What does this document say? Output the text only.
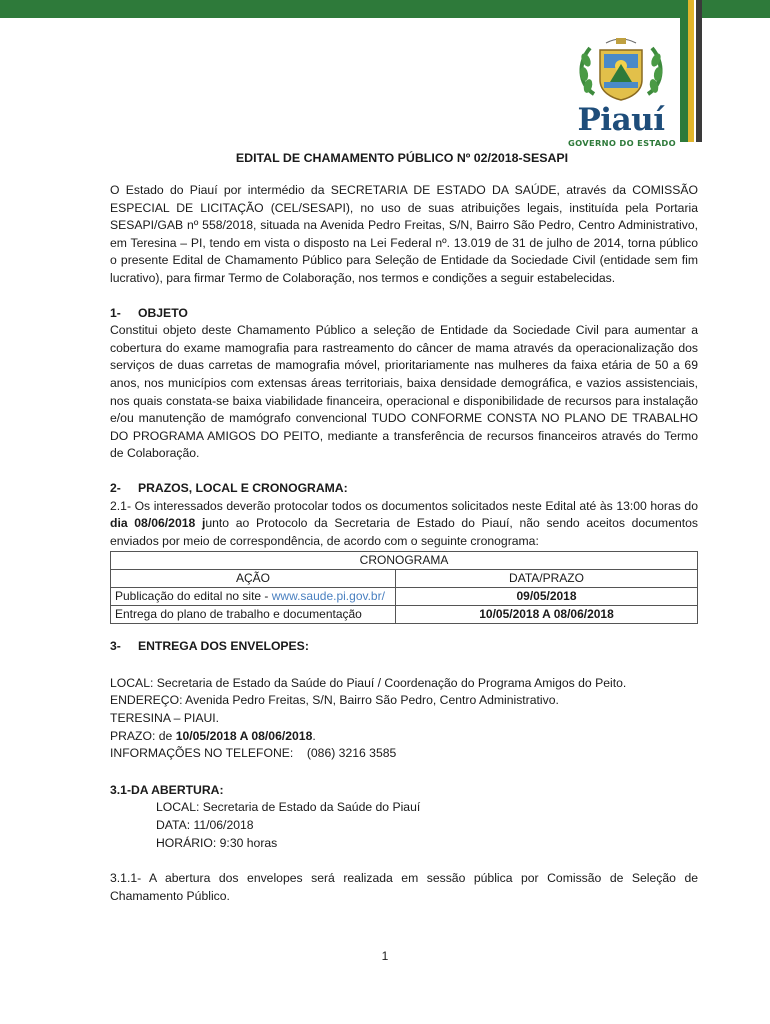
Piauí
GOVERNO DO ESTADO
EDITAL DE CHAMAMENTO PÚBLICO Nº 02/2018-SESAPI

O Estado do Piauí por intermédio da SECRETARIA DE ESTADO DA SAÚDE, através da COMISSÃO ESPECIAL DE LICITAÇÃO (CEL/SESAPI), no uso de suas atribuições legais, instituída pela Portaria SESAPI/GAB nº 558/2018, situada na Avenida Pedro Freitas, S/N, Bairro São Pedro, Centro Administrativo, em Teresina – PI, tendo em vista o disposto na Lei Federal nº. 13.019 de 31 de julho de 2014, torna público o presente Edital de Chamamento Público para Seleção de Entidade da Sociedade Civil (entidade sem fim lucrativo), para firmar Termo de Colaboração, nos termos e condições a seguir estabelecidas.

1- OBJETO

Constitui objeto deste Chamamento Público a seleção de Entidade da Sociedade Civil para aumentar a cobertura do exame mamografia para rastreamento do câncer de mama através da operacionalização dos serviços de duas carretas de mamografia móvel, prioritariamente nas mulheres da faixa etária de 50 a 69 anos, nos municípios com extensas áreas territoriais, baixa densidade demográfica, e vazios assistenciais, nos quais constata-se baixa viabilidade financeira, operacional e disponibilidade de recursos para instalação e/ou manutenção de mamógrafo convencional TUDO CONFORME CONSTA NO PLANO DE TRABALHO DO PROGRAMA AMIGOS DO PEITO, mediante a transferência de recursos financeiros através do Termo de Colaboração.

2- PRAZOS, LOCAL E CRONOGRAMA:

2.1- Os interessados deverão protocolar todos os documentos solicitados neste Edital até às 13:00 horas do dia 08/06/2018 junto ao Protocolo da Secretaria de Estado do Piauí, não sendo aceitos documentos enviados por meio de correspondência, de acordo com o seguinte cronograma:

CRONOGRAMA	
AÇÃO	DATA/PRAZO
Publicação do edital no site - www.saude.pi.gov.br/	09/05/2018
Entrega do plano de trabalho e documentação	10/05/2018 A 08/06/2018
3- ENTREGA DOS ENVELOPES:

LOCAL: Secretaria de Estado da Saúde do Piauí / Coordenação do Programa Amigos do Peito.

ENDEREÇO: Avenida Pedro Freitas, S/N, Bairro São Pedro, Centro Administrativo.

TERESINA – PIAUI.

PRAZO: de 10/05/2018 A 08/06/2018.

INFORMAÇÕES NO TELEFONE:    (086) 3216 3585

3.1-DA ABERTURA:

LOCAL: Secretaria de Estado da Saúde do Piauí

DATA: 11/06/2018

HORÁRIO: 9:30 horas

3.1.1- A abertura dos envelopes será realizada em sessão pública por Comissão de Seleção de Chamamento Público.

1
